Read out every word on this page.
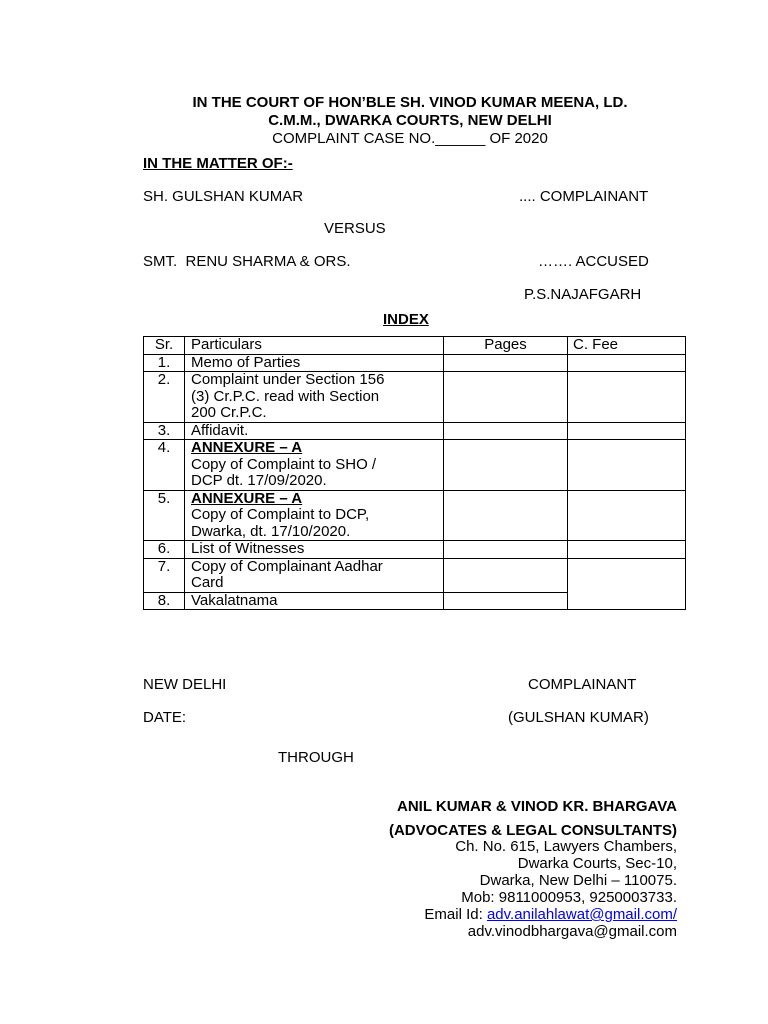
IN THE COURT OF HON’BLE SH. VINOD KUMAR MEENA, LD.
C.M.M., DWARKA COURTS, NEW DELHI
COMPLAINT CASE NO.______ OF 2020
IN THE MATTER OF:-
SH. GULSHAN KUMAR	.... COMPLAINANT
VERSUS
SMT.  RENU SHARMA & ORS.	……. ACCUSED
P.S.NAJAFGARH
INDEX
Sr.	Particulars	Pages	C. Fee
1.	Memo of Parties		

2.	Complaint under Section 156
(3) Cr.P.C. read with Section
200 Cr.P.C.		

3.	Affidavit.		

4.	ANNEXURE – A
Copy of Complaint to SHO /
DCP dt. 17/09/2020.		

5.	ANNEXURE – A
Copy of Complaint to DCP,
Dwarka, dt. 17/10/2020.		

6.	List of Witnesses		

7.	Copy of Complainant Aadhar
Card		

8.	Vakalatnama		

NEW DELHI	COMPLAINANT
DATE:	(GULSHAN KUMAR)
THROUGH
ANIL KUMAR & VINOD KR. BHARGAVA
(ADVOCATES & LEGAL CONSULTANTS)
Ch. No. 615, Lawyers Chambers,
Dwarka Courts, Sec-10,
Dwarka, New Delhi – 110075.
Mob: 9811000953, 9250003733.
Email Id: adv.anilahlawat@gmail.com/
adv.vinodbhargava@gmail.com
